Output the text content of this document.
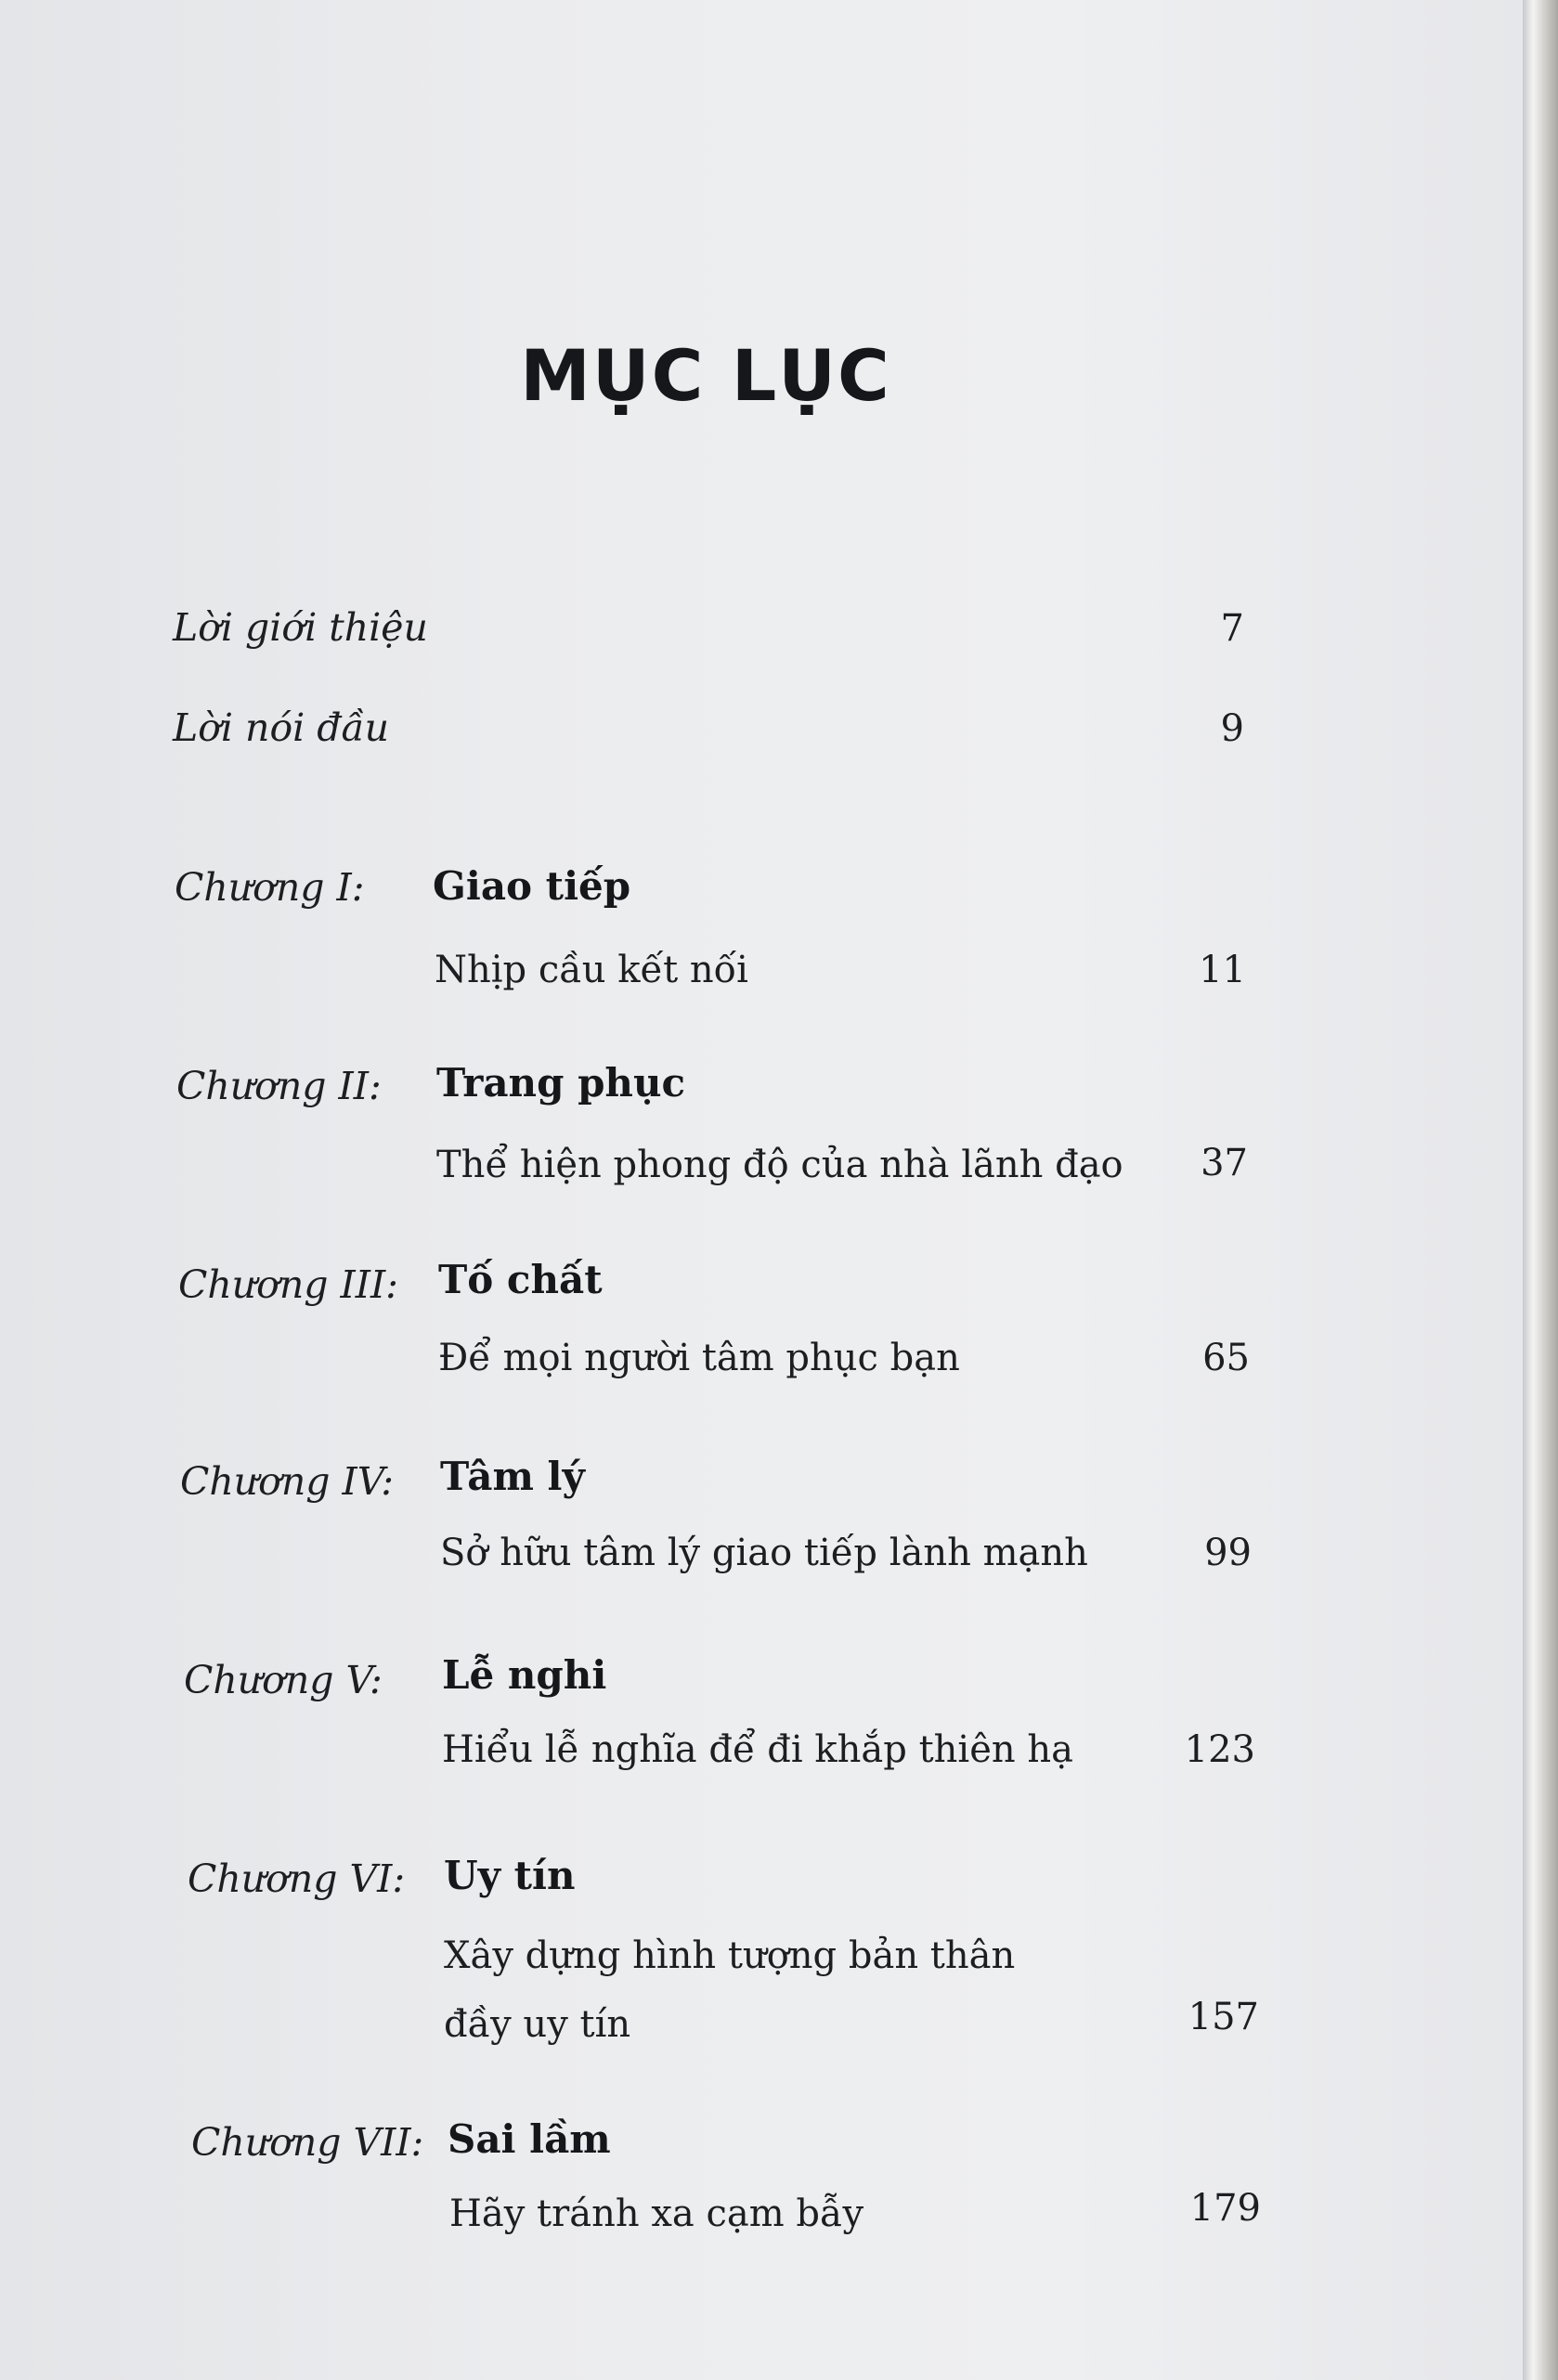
MỤC LỤC
Lời giới thiệu	7
Lời nói đầu	9
Chương I: Giao tiếp
Nhịp cầu kết nối	11
Chương II: Trang phục
Thể hiện phong độ của nhà lãnh đạo	37
Chương III: Tố chất
Để mọi người tâm phục bạn	65
Chương IV: Tâm lý
Sở hữu tâm lý giao tiếp lành mạnh	99
Chương V: Lễ nghi
Hiểu lễ nghĩa để đi khắp thiên hạ	123
Chương VI: Uy tín
Xây dựng hình tượng bản thân
đầy uy tín	157
Chương VII: Sai lầm
Hãy tránh xa cạm bẫy	179
